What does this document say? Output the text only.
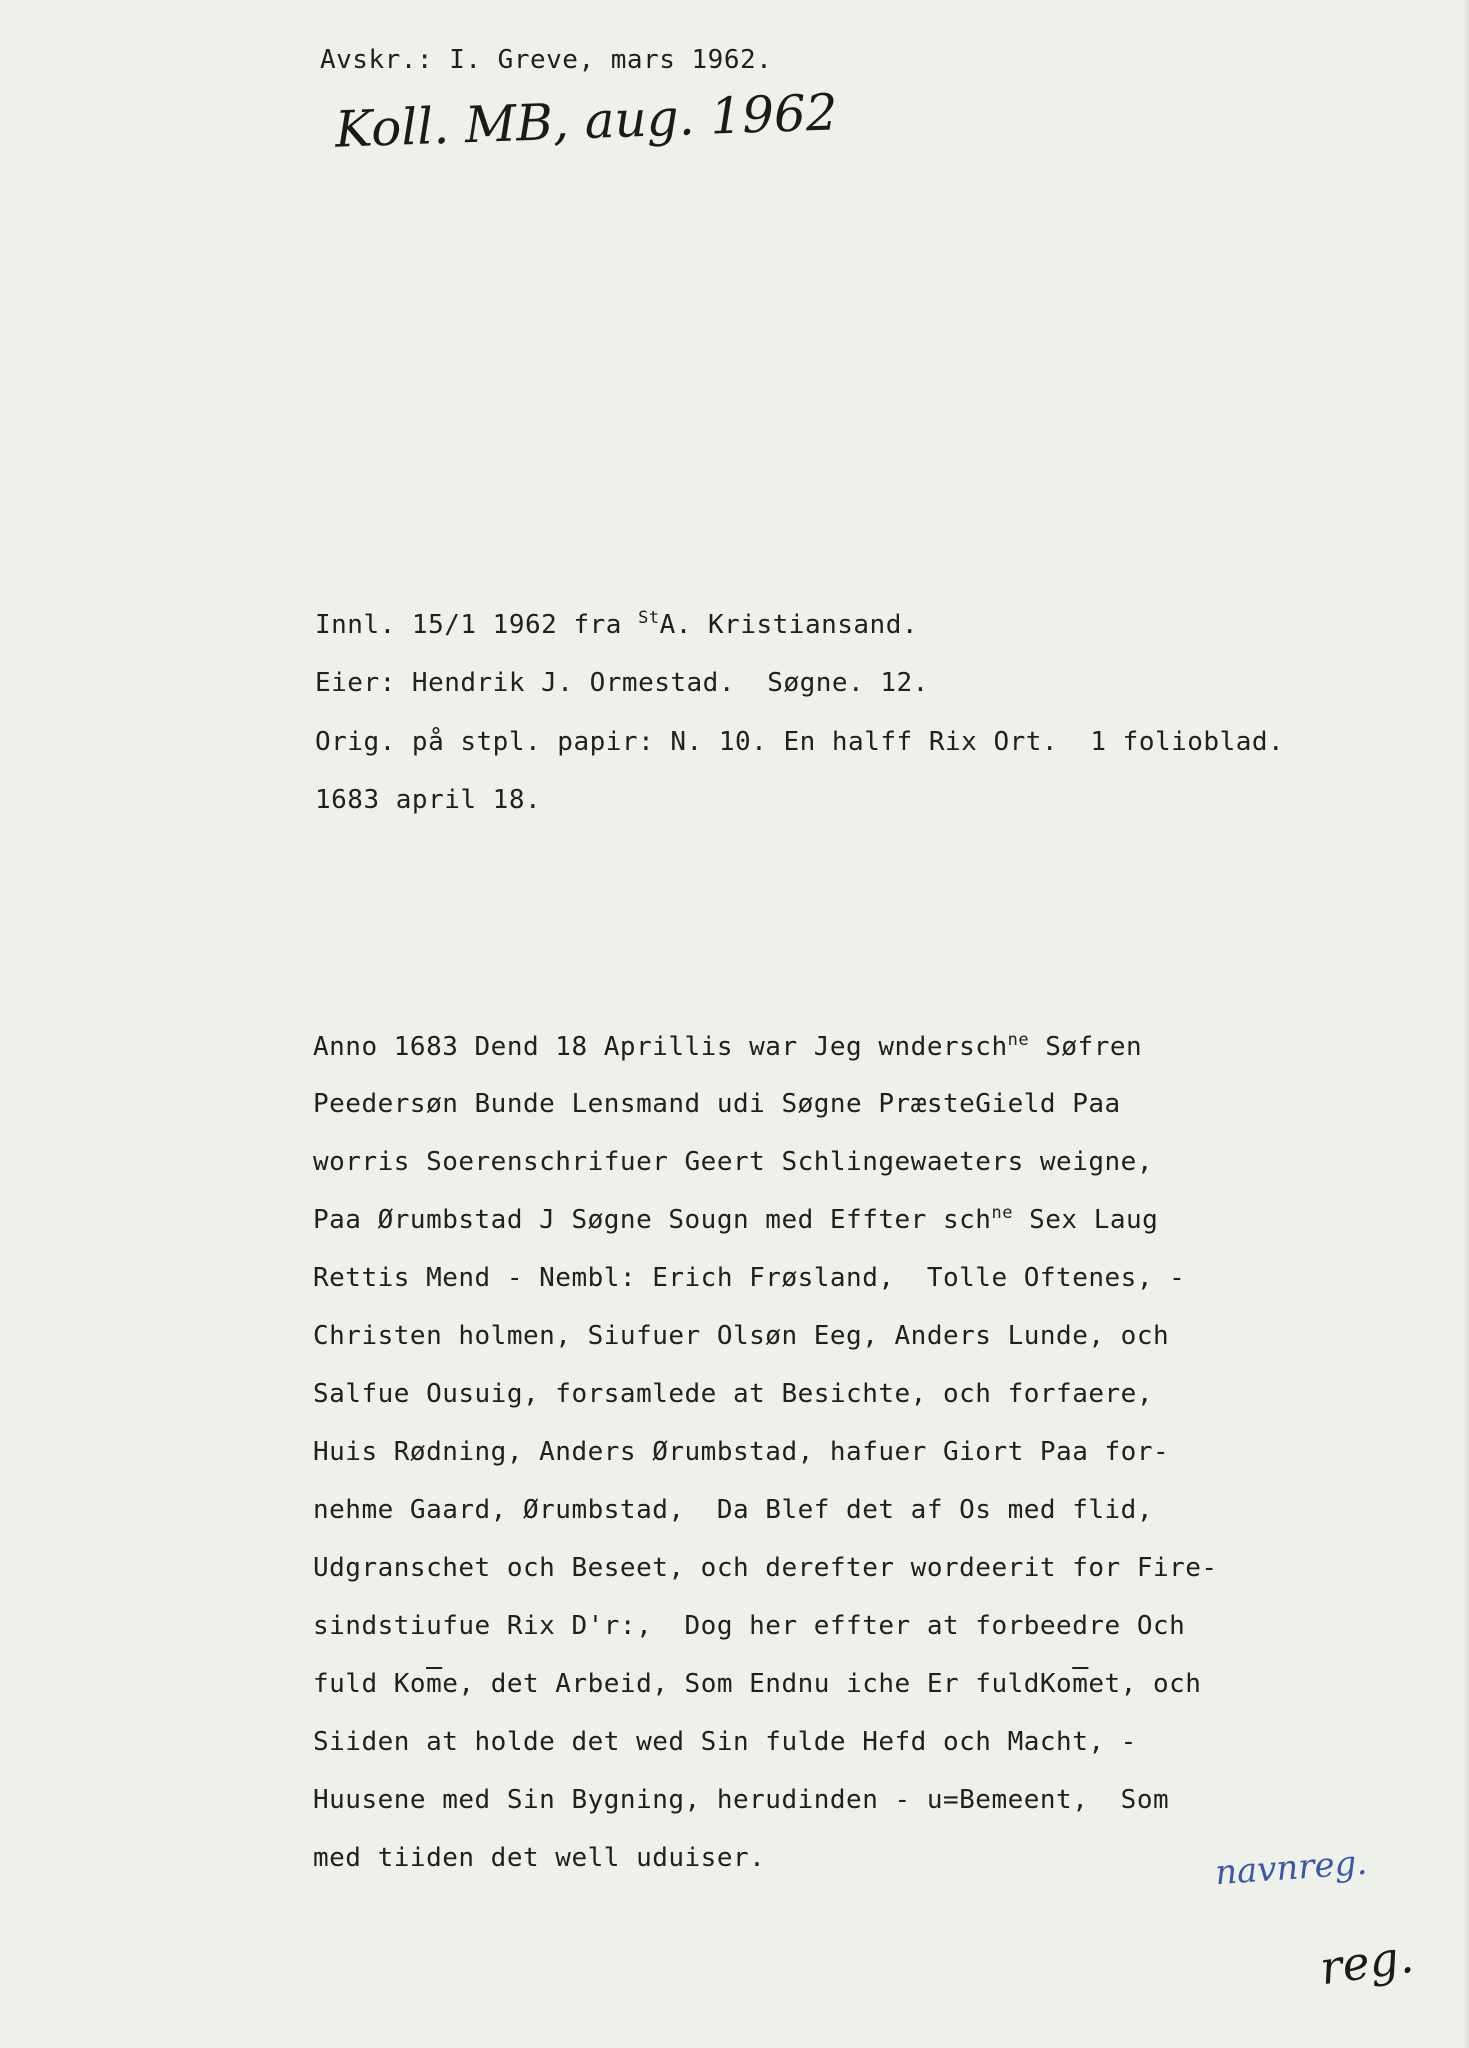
Avskr.: I. Greve, mars 1962.
Koll. MB, aug. 1962
Innl. 15/1 1962 fra $^{St}$A. Kristiansand.
Eier: Hendrik J. Ormestad.  Søgne. 12.
Orig. på stpl. papir: N. 10. En halff Rix Ort.  1 folioblad.
1683 april 18.
Anno 1683 Dend 18 Aprillis war Jeg wndersch$^{ne}$ Søfren
Peedersøn Bunde Lensmand udi Søgne PræsteGield Paa
worris Soerenschrifuer Geert Schlingewaeters weigne,
Paa Ørumbstad J Søgne Sougn med Effter sch$^{ne}$ Sex Laug
Rettis Mend - Nembl: Erich Frøsland,  Tolle Oftenes, -
Christen holmen, Siufuer Olsøn Eeg, Anders Lunde, och
Salfue Ousuig, forsamlede at Besichte, och forfaere,
Huis Rødning, Anders Ørumbstad, hafuer Giort Paa for-
nehme Gaard, Ørumbstad,  Da Blef det af Os med flid,
Udgranschet och Beseet, och derefter wordeerit for Fire-
sindstiufue Rix D'r:,  Dog her effter at forbeedre Och
fuld $Ko\overline{m}e$, det Arbeid, Som Endnu iche Er $fuldKo\overline{m}et$, och
Siiden at holde det wed Sin fulde Hefd och Macht, -
Huusene med Sin Bygning, herudinden - u=Bemeent,  Som
med tiiden det well uduiser.	navnreg.
reg.
